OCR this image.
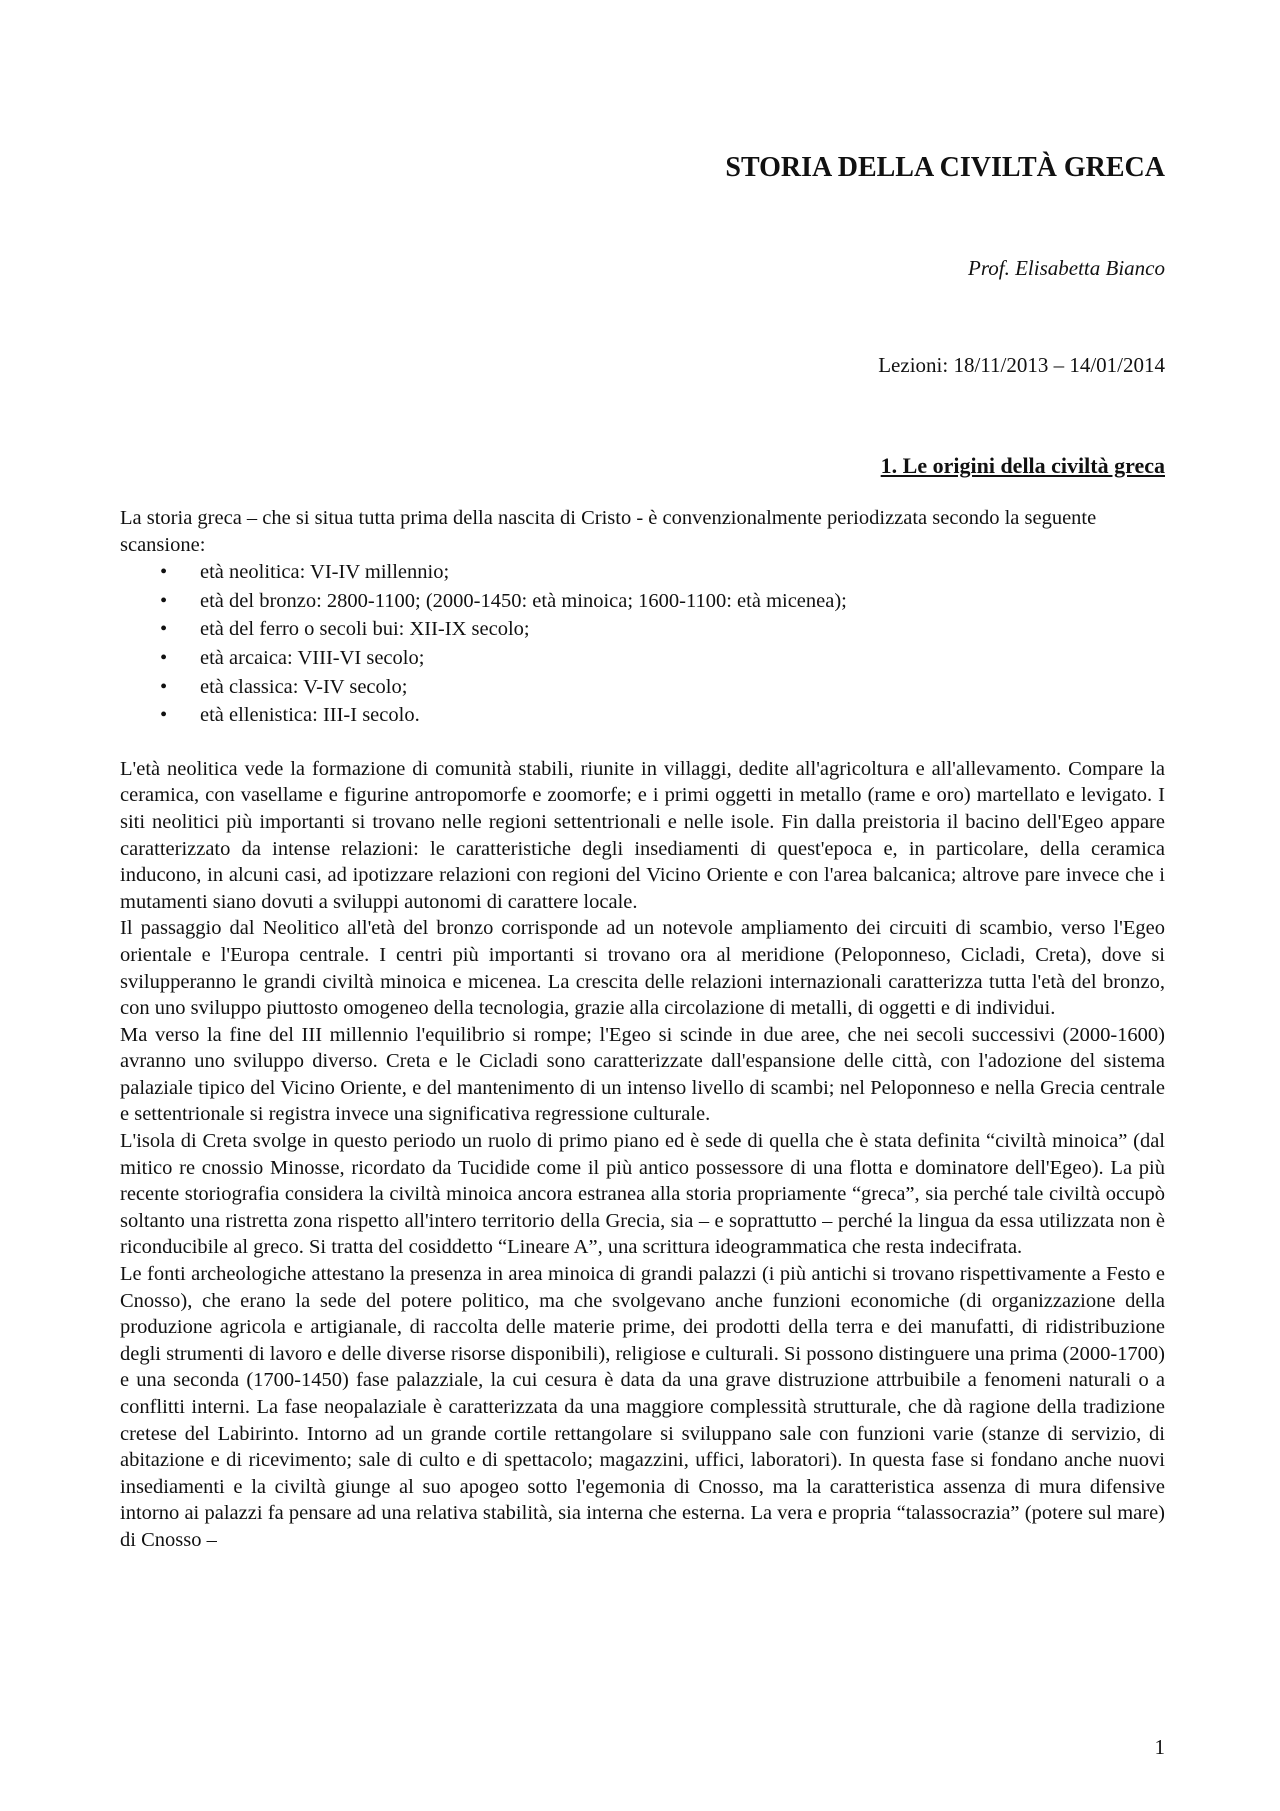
STORIA DELLA CIVILTÀ GRECA
Prof. Elisabetta Bianco
Lezioni: 18/11/2013 – 14/01/2014
1. Le origini della civiltà greca

La storia greca – che si situa tutta prima della nascita di Cristo - è convenzionalmente periodizzata secondo la seguente scansione:

• età neolitica: VI-IV millennio;
• età del bronzo: 2800-1100; (2000-1450: età minoica; 1600-1100: età micenea);
• età del ferro o secoli bui: XII-IX secolo;
• età arcaica: VIII-VI secolo;
• età classica: V-IV secolo;
• età ellenistica: III-I secolo.

L'età neolitica vede la formazione di comunità stabili, riunite in villaggi, dedite all'agricoltura e all'allevamento. Compare la ceramica, con vasellame e figurine antropomorfe e zoomorfe; e i primi oggetti in metallo (rame e oro) martellato e levigato. I siti neolitici più importanti si trovano nelle regioni settentrionali e nelle isole. Fin dalla preistoria il bacino dell'Egeo appare caratterizzato da intense relazioni: le caratteristiche degli insediamenti di quest'epoca e, in particolare, della ceramica inducono, in alcuni casi, ad ipotizzare relazioni con regioni del Vicino Oriente e con l'area balcanica; altrove pare invece che i mutamenti siano dovuti a sviluppi autonomi di carattere locale.

Il passaggio dal Neolitico all'età del bronzo corrisponde ad un notevole ampliamento dei circuiti di scambio, verso l'Egeo orientale e l'Europa centrale. I centri più importanti si trovano ora al meridione (Peloponneso, Cicladi, Creta), dove si svilupperanno le grandi civiltà minoica e micenea. La crescita delle relazioni internazionali caratterizza tutta l'età del bronzo, con uno sviluppo piuttosto omogeneo della tecnologia, grazie alla circolazione di metalli, di oggetti e di individui.

Ma verso la fine del III millennio l'equilibrio si rompe; l'Egeo si scinde in due aree, che nei secoli successivi (2000-1600) avranno uno sviluppo diverso. Creta e le Cicladi sono caratterizzate dall'espansione delle città, con l'adozione del sistema palaziale tipico del Vicino Oriente, e del mantenimento di un intenso livello di scambi; nel Peloponneso e nella Grecia centrale e settentrionale si registra invece una significativa regressione culturale.

L'isola di Creta svolge in questo periodo un ruolo di primo piano ed è sede di quella che è stata definita “civiltà minoica” (dal mitico re cnossio Minosse, ricordato da Tucidide come il più antico possessore di una flotta e dominatore dell'Egeo). La più recente storiografia considera la civiltà minoica ancora estranea alla storia propriamente “greca”, sia perché tale civiltà occupò soltanto una ristretta zona rispetto all'intero territorio della Grecia, sia – e soprattutto – perché la lingua da essa utilizzata non è riconducibile al greco. Si tratta del cosiddetto “Lineare A”, una scrittura ideogrammatica che resta indecifrata.

Le fonti archeologiche attestano la presenza in area minoica di grandi palazzi (i più antichi si trovano rispettivamente a Festo e Cnosso), che erano la sede del potere politico, ma che svolgevano anche funzioni economiche (di organizzazione della produzione agricola e artigianale, di raccolta delle materie prime, dei prodotti della terra e dei manufatti, di ridistribuzione degli strumenti di lavoro e delle diverse risorse disponibili), religiose e culturali. Si possono distinguere una prima (2000-1700) e una seconda (1700-1450) fase palazziale, la cui cesura è data da una grave distruzione attrbuibile a fenomeni naturali o a conflitti interni. La fase neopalaziale è caratterizzata da una maggiore complessità strutturale, che dà ragione della tradizione cretese del Labirinto. Intorno ad un grande cortile rettangolare si sviluppano sale con funzioni varie (stanze di servizio, di abitazione e di ricevimento; sale di culto e di spettacolo; magazzini, uffici, laboratori). In questa fase si fondano anche nuovi insediamenti e la civiltà giunge al suo apogeo sotto l'egemonia di Cnosso, ma la caratteristica assenza di mura difensive intorno ai palazzi fa pensare ad una relativa stabilità, sia interna che esterna. La vera e propria “talassocrazia” (potere sul mare) di Cnosso –

1
